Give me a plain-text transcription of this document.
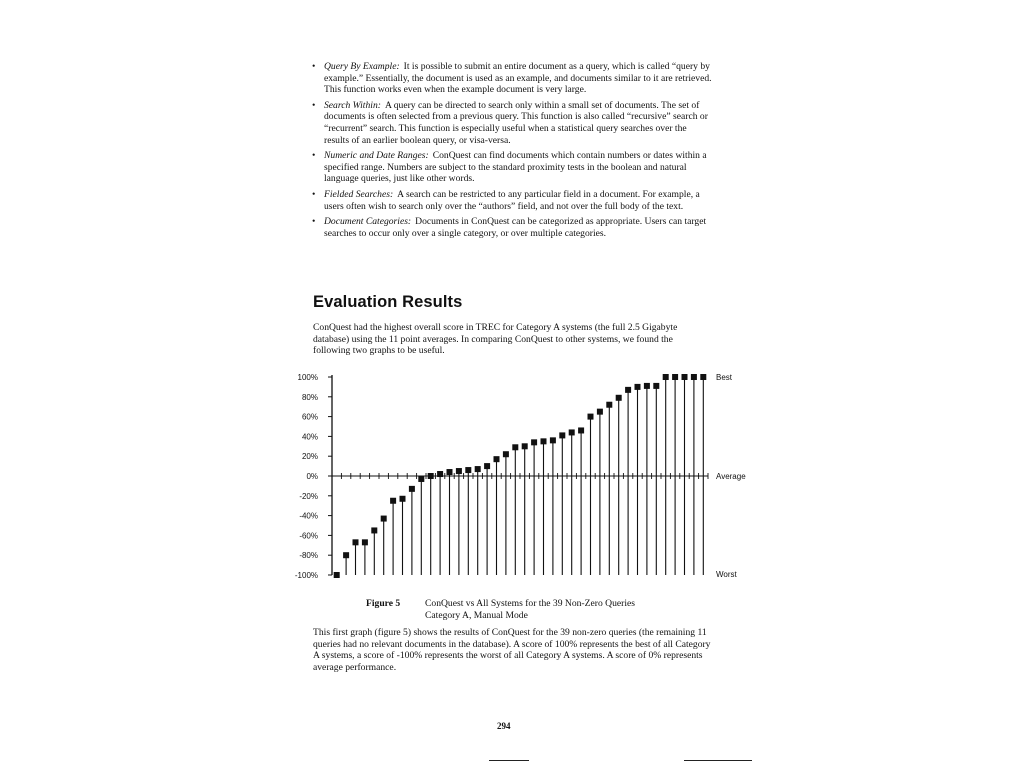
• Query By Example: It is possible to submit an entire document as a query, which is called “query by example.” Essentially, the document is used as an example, and documents similar to it are retrieved. This function works even when the example document is very large.
• Search Within: A query can be directed to search only within a small set of documents. The set of documents is often selected from a previous query. This function is also called “recursive” search or “recurrent” search. This function is especially useful when a statistical query searches over the results of an earlier boolean query, or visa-versa.
• Numeric and Date Ranges: ConQuest can find documents which contain numbers or dates within a specified range. Numbers are subject to the standard proximity tests in the boolean and natural language queries, just like other words.
• Fielded Searches: A search can be restricted to any particular field in a document. For example, a users often wish to search only over the “authors” field, and not over the full body of the text.
• Document Categories: Documents in ConQuest can be categorized as appropriate. Users can target searches to occur only over a single category, or over multiple categories.
Evaluation Results

ConQuest had the highest overall score in TREC for Category A systems (the full 2.5 Gigabyte database) using the 11 point averages. In comparing ConQuest to other systems, we found the following two graphs to be useful.

100%
80%
60%
40%
20%
0%
-20%
-40%
-60%
-80%
-100%
Best
Average
Worst
Figure 5	ConQuest vs All Systems for the 39 Non-Zero Queries
Category A, Manual Mode

This first graph (figure 5) shows the results of ConQuest for the 39 non-zero queries (the remaining 11 queries had no relevant documents in the database). A score of 100% represents the best of all Category A systems, a score of -100% represents the worst of all Category A systems. A score of 0% represents average performance.

294
